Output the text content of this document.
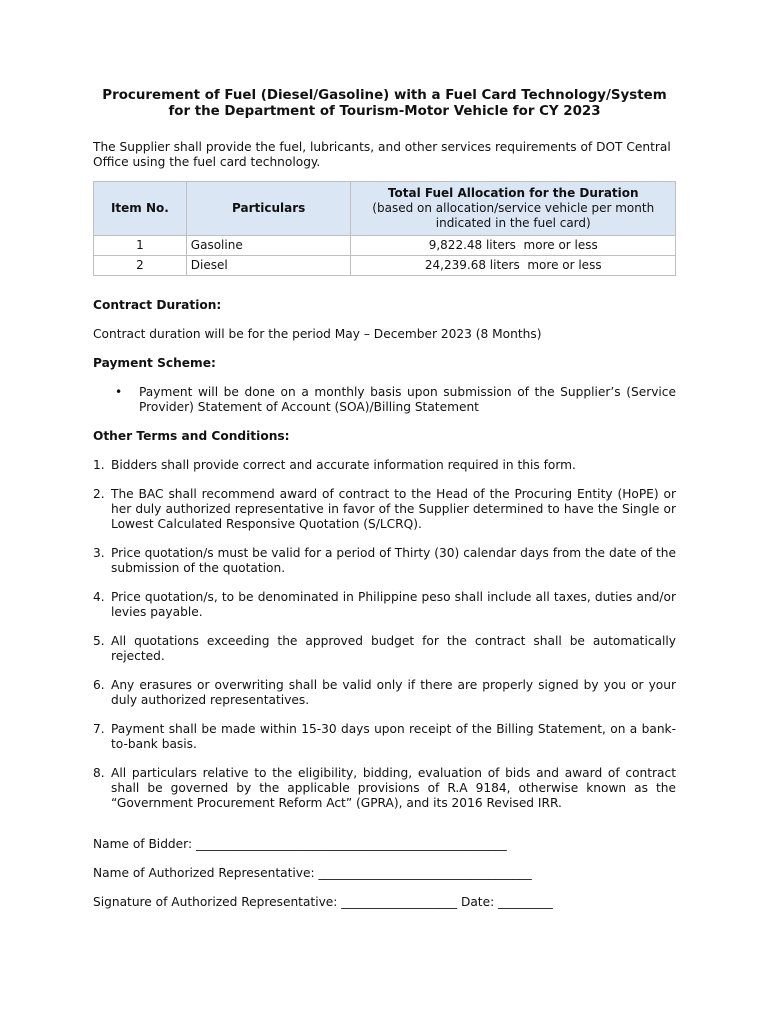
Procurement of Fuel (Diesel/Gasoline) with a Fuel Card Technology/System for the Department of Tourism-Motor Vehicle for CY 2023
The Supplier shall provide the fuel, lubricants, and other services requirements of DOT Central Office using the fuel card technology.
Item No.	Particulars	Total Fuel Allocation for the Duration
(based on allocation/service vehicle per month indicated in the fuel card)

1	Gasoline	9,822.48 liters  more or less
2	Diesel	24,239.68 liters  more or less
Contract Duration:
Contract duration will be for the period May – December 2023 (8 Months)
Payment Scheme:
• Payment will be done on a monthly basis upon submission of the Supplier’s (Service Provider) Statement of Account (SOA)/Billing Statement
Other Terms and Conditions:
1. Bidders shall provide correct and accurate information required in this form.
2. The BAC shall recommend award of contract to the Head of the Procuring Entity (HoPE) or her duly authorized representative in favor of the Supplier determined to have the Single or Lowest Calculated Responsive Quotation (S/LCRQ).
3. Price quotation/s must be valid for a period of Thirty (30) calendar days from the date of the submission of the quotation.
4. Price quotation/s, to be denominated in Philippine peso shall include all taxes, duties and/or levies payable.
5. All quotations exceeding the approved budget for the contract shall be automatically rejected.
6. Any erasures or overwriting shall be valid only if there are properly signed by you or your duly authorized representatives.
7. Payment shall be made within 15-30 days upon receipt of the Billing Statement, on a bank-to-bank basis.
8. All particulars relative to the eligibility, bidding, evaluation of bids and award of contract shall be governed by the applicable provisions of R.A 9184, otherwise known as the “Government Procurement Reform Act” (GPRA), and its 2016 Revised IRR.
Name of Bidder: ___________________________________________________
Name of Authorized Representative: ___________________________________
Signature of Authorized Representative: ___________________ Date: _________
